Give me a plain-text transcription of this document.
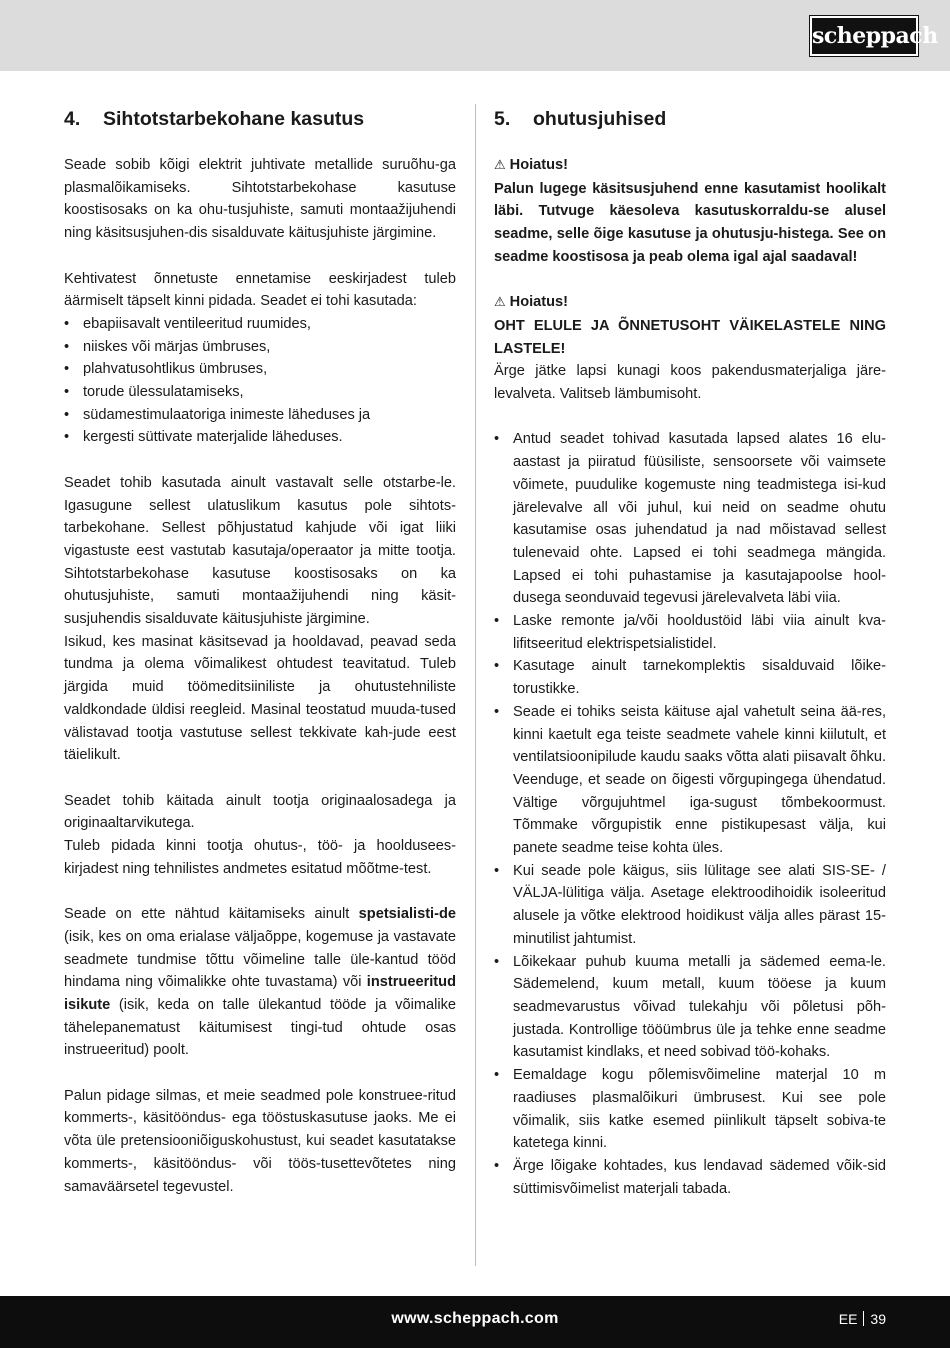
scheppach
4. Sihtotstarbekohane kasutus

Seade sobib kõigi elektrit juhtivate metallide suruõhu-ga plasmalõikamiseks. Sihtotstarbekohase kasutuse koostisosaks on ka ohu-tusjuhiste, samuti montaažijuhendi ning käsitsusjuhen-dis sisalduvate käitusjuhiste järgimine.

Kehtivatest õnnetuste ennetamise eeskirjadest tuleb äärmiselt täpselt kinni pidada. Seadet ei tohi kasutada:

• ebapiisavalt ventileeritud ruumides,
• niiskes või märjas ümbruses,
• plahvatusohtlikus ümbruses,
• torude ülessulatamiseks,
• südamestimulaatoriga inimeste läheduses ja
• kergesti süttivate materjalide läheduses.

Seadet tohib kasutada ainult vastavalt selle otstarbe-le. Igasugune sellest ulatuslikum kasutus pole sihtots-tarbekohane. Sellest põhjustatud kahjude või igat liiki vigastuste eest vastutab kasutaja/operaator ja mitte tootja. Sihtotstarbekohase kasutuse koostisosaks on ka ohutusjuhiste, samuti montaažijuhendi ning käsit-susjuhendis sisalduvate käitusjuhiste järgimine.

Isikud, kes masinat käsitsevad ja hooldavad, peavad seda tundma ja olema võimalikest ohtudest teavitatud. Tuleb järgida muid töömeditsiiniliste ja ohutustehniliste valdkondade üldisi reegleid. Masinal teostatud muuda-tused välistavad tootja vastutuse sellest tekkivate kah-jude eest täielikult.

Seadet tohib käitada ainult tootja originaalosadega ja originaaltarvikutega.

Tuleb pidada kinni tootja ohutus-, töö- ja hooldusees-kirjadest ning tehnilistes andmetes esitatud mõõtme-test.

Seade on ette nähtud käitamiseks ainult spetsialisti-de (isik, kes on oma erialase väljaõppe, kogemuse ja vastavate seadmete tundmise tõttu võimeline talle üle-kantud tööd hindama ning võimalikke ohte tuvastama) või instrueeritud isikute (isik, keda on talle ülekantud tööde ja võimalike tähelepanematust käitumisest tingi-tud ohtude osas instrueeritud) poolt.

Palun pidage silmas, et meie seadmed pole konstruee-ritud kommerts-, käsitööndus- ega tööstuskasutuse jaoks. Me ei võta üle pretensiooniõiguskohustust, kui seadet kasutatakse kommerts-, käsitööndus- või töös-tusettevõtetes ning samaväärsetel tegevustel.

5. ohutusjuhised

⚠ Hoiatus!

Palun lugege käsitsusjuhend enne kasutamist hoolikalt läbi. Tutvuge käesoleva kasutuskorraldu-se alusel seadme, selle õige kasutuse ja ohutusju-histega. See on seadme koostisosa ja peab olema igal ajal saadaval!

⚠ Hoiatus!

OHT ELULE JA ÕNNETUSOHT VÄIKELASTELE NING LASTELE!

Ärge jätke lapsi kunagi koos pakendusmaterjaliga järe-levalveta. Valitseb lämbumisoht.

• Antud seadet tohivad kasutada lapsed alates 16 elu-aastast ja piiratud füüsiliste, sensoorsete või vaimsete võimete, puudulike kogemuste ning teadmistega isi-kud järelevalve all või juhul, kui neid on seadme ohutu kasutamise osas juhendatud ja nad mõistavad sellest tulenevaid ohte. Lapsed ei tohi seadmega mängida. Lapsed ei tohi puhastamise ja kasutajapoolse hool-dusega seonduvaid tegevusi järelevalveta läbi viia.
• Laske remonte ja/või hooldustöid läbi viia ainult kva-lifitseeritud elektrispetsialistidel.
• Kasutage ainult tarnekomplektis sisalduvaid lõike-torustikke.
• Seade ei tohiks seista käituse ajal vahetult seina ää-res, kinni kaetult ega teiste seadmete vahele kinni kiilutult, et ventilatsioonipilude kaudu saaks võtta alati piisavalt õhku. Veenduge, et seade on õigesti võrgupingega ühendatud. Vältige võrgujuhtmel iga-sugust tõmbekoormust. Tõmmake võrgupistik enne pistikupesast välja, kui panete seadme teise kohta üles.
• Kui seade pole käigus, siis lülitage see alati SIS-SE- / VÄLJA-lülitiga välja. Asetage elektroodihoidik isoleeritud alusele ja võtke elektrood hoidikust välja alles pärast 15-minutilist jahtumist.
• Lõikekaar puhub kuuma metalli ja sädemed eema-le. Sädemelend, kuum metall, kuum tööese ja kuum seadmevarustus võivad tulekahju või põletusi põh-justada. Kontrollige tööümbrus üle ja tehke enne seadme kasutamist kindlaks, et need sobivad töö-kohaks.
• Eemaldage kogu põlemisvõimeline materjal 10 m raadiuses plasmalõikuri ümbrusest. Kui see pole võimalik, siis katke esemed piinlikult täpselt sobiva-te katetega kinni.
• Ärge lõigake kohtades, kus lendavad sädemed võik-sid süttimisvõimelist materjali tabada.
www.scheppach.com	EE 39
